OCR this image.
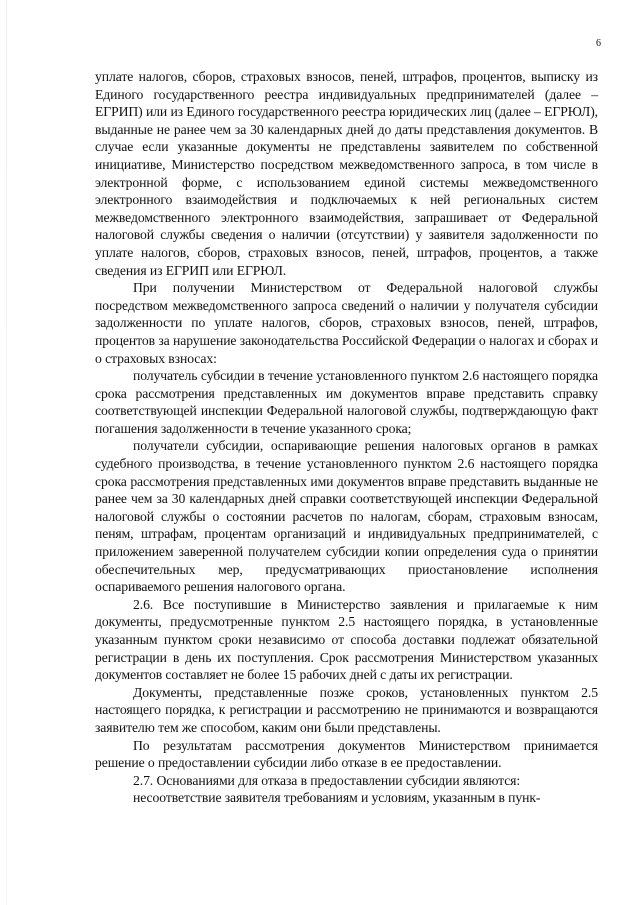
6

уплате налогов, сборов, страховых взносов, пеней, штрафов, процентов, выписку из Единого государственного реестра индивидуальных предпринимателей (далее – ЕГРИП) или из Единого государственного реестра юридических лиц (далее – ЕГРЮЛ), выданные не ранее чем за 30 календарных дней до даты представления документов. В случае если указанные документы не представлены заявителем по собственной инициативе, Министерство посредством межведомственного запроса, в том числе в электронной форме, с использованием единой системы межведомственного электронного взаимодействия и подключаемых к ней региональных систем межведомственного электронного взаимодействия, запрашивает от Федеральной налоговой службы сведения о наличии (отсутствии) у заявителя задолженности по уплате налогов, сборов, страховых взносов, пеней, штрафов, процентов, а также сведения из ЕГРИП или ЕГРЮЛ.

При получении Министерством от Федеральной налоговой службы посредством межведомственного запроса сведений о наличии у получателя субсидии задолженности по уплате налогов, сборов, страховых взносов, пеней, штрафов, процентов за нарушение законодательства Российской Федерации о налогах и сборах и о страховых взносах:

получатель субсидии в течение установленного пунктом 2.6 настоящего порядка срока рассмотрения представленных им документов вправе представить справку соответствующей инспекции Федеральной налоговой службы, подтверждающую факт погашения задолженности в течение указанного срока;

получатели субсидии, оспаривающие решения налоговых органов в рамках судебного производства, в течение установленного пунктом 2.6 настоящего порядка срока рассмотрения представленных ими документов вправе представить выданные не ранее чем за 30 календарных дней справки соответствующей инспекции Федеральной налоговой службы о состоянии расчетов по налогам, сборам, страховым взносам, пеням, штрафам, процентам организаций и индивидуальных предпринимателей, с приложением заверенной получателем субсидии копии определения суда о принятии обеспечительных мер, предусматривающих приостановление исполнения оспариваемого решения налогового органа.

2.6. Все поступившие в Министерство заявления и прилагаемые к ним документы, предусмотренные пунктом 2.5 настоящего порядка, в установленные указанным пунктом сроки независимо от способа доставки подлежат обязательной регистрации в день их поступления. Срок рассмотрения Министерством указанных документов составляет не более 15 рабочих дней с даты их регистрации.

Документы, представленные позже сроков, установленных пунктом 2.5 настоящего порядка, к регистрации и рассмотрению не принимаются и возвращаются заявителю тем же способом, каким они были представлены.

По результатам рассмотрения документов Министерством принимается решение о предоставлении субсидии либо отказе в ее предоставлении.

2.7. Основаниями для отказа в предоставлении субсидии являются:

несоответствие заявителя требованиям и условиям, указанным в пунк-
